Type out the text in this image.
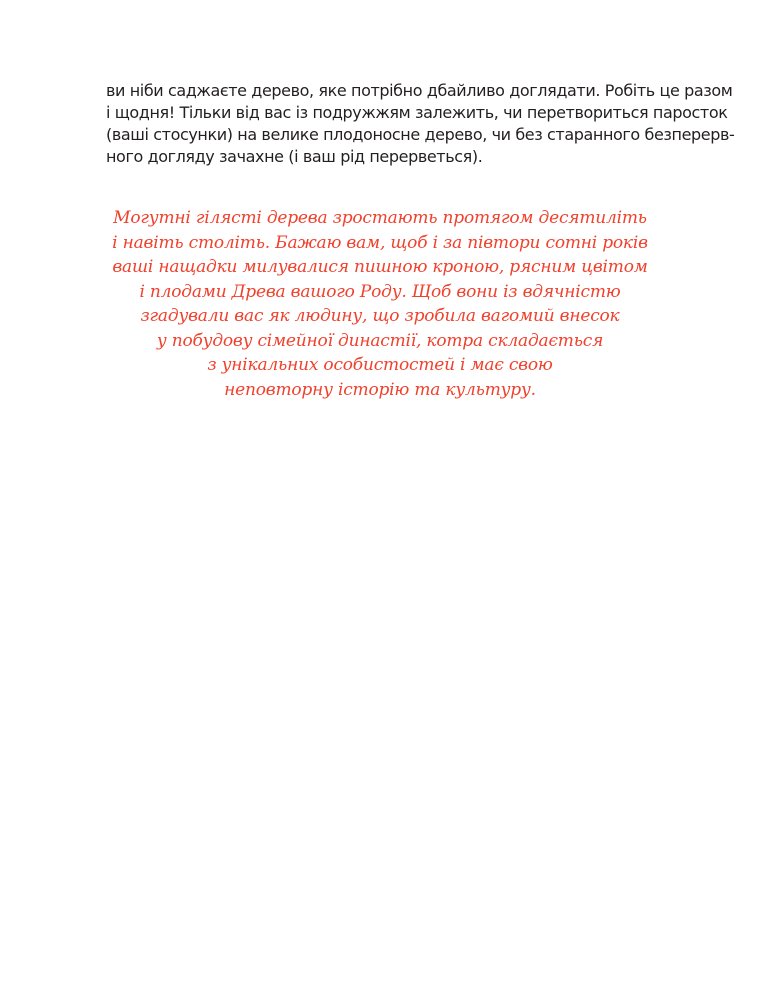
ви ніби саджаєте дерево, яке потрібно дбайливо доглядати. Робіть це разом
і щодня! Тільки від вас із подружжям залежить, чи перетвориться паросток
(ваші стосунки) на велике плодоносне дерево, чи без старанного безперерв-
ного догляду зачахне (і ваш рід перерветься).

Могутні гілясті дерева зростають протягом десятиліть
і навіть століть. Бажаю вам, щоб і за півтори сотні років
ваші нащадки милувалися пишною кроною, рясним цвітом
і плодами Древа вашого Роду. Щоб вони із вдячністю
згадували вас як людину, що зробила вагомий внесок
у побудову сімейної династії, котра складається
з унікальних особистостей і має свою
неповторну історію та культуру.
